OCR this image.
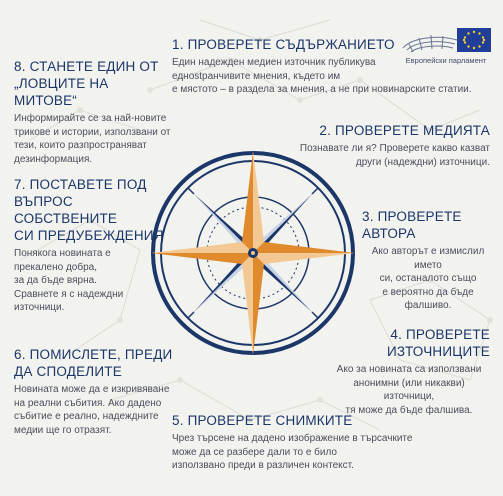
Европейски парламент
1. ПРОВЕРЕТЕ СЪДЪРЖАНИЕТО
Един надежден медиен източник публикува
еднostранчивите мнения, където им
е мястото – в раздела за мнения, а не при новинарските статии.
2. ПРОВЕРЕТЕ МЕДИЯТА
Познавате ли я? Проверете какво казват
други (надеждни) източници.
3. ПРОВЕРЕТЕ АВТОРА
Ако авторът е измислил името
си, останалото също
е вероятно да бъде фалшиво.
4. ПРОВЕРЕТЕ
ИЗТОЧНИЦИТЕ
Ако за новината са използвани
анонимни (или никакви) източници,
тя може да бъде фалшива.
5. ПРОВЕРЕТЕ СНИМКИТЕ
Чрез търсене на дадено изображение в търсачките
може да се разбере дали то е било
използвано преди в различен контекст.
6. ПОМИСЛЕТЕ, ПРЕДИ
ДА СПОДЕЛИТЕ
Новината може да е изкривяване
на реални събития. Ако дадено
събитие е реално, надеждните
медии ще го отразят.
7. ПОСТАВЕТЕ ПОД
ВЪПРОС СОБСТВЕНИТЕ
СИ ПРЕДУБЕЖДЕНИЯ
Понякога новината е
прекалено добра,
за да бъде вярна.
Сравнете я с надеждни
източници.
8. СТАНЕТЕ ЕДИН ОТ
„ЛОВЦИТЕ НА МИТОВЕ“
Информирайте се за най-новите
трикове и истории, използвани от
тези, които разпространяват дезинформация.
